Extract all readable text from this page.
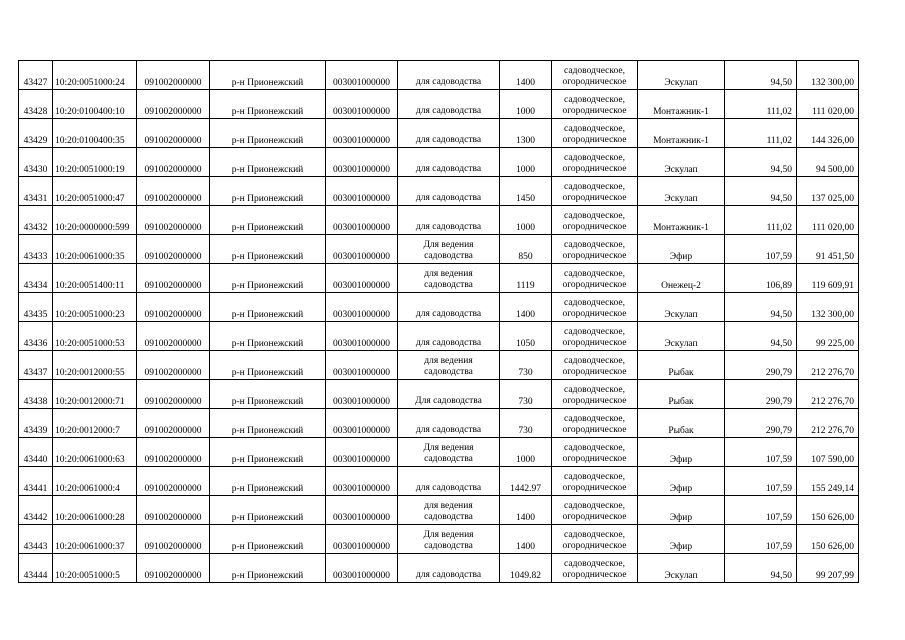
43427	10:20:0051000:24	091002000000	р-н Прионежский	003001000000	для садоводства	1400	садоводческое, огородническое	Эскулап	94,50	132 300,00
43428	10:20:0100400:10	091002000000	р-н Прионежский	003001000000	для садоводства	1000	садоводческое, огородническое	Монтажник-1	111,02	111 020,00
43429	10:20:0100400:35	091002000000	р-н Прионежский	003001000000	для садоводства	1300	садоводческое, огородническое	Монтажник-1	111,02	144 326,00
43430	10:20:0051000:19	091002000000	р-н Прионежский	003001000000	для садоводства	1000	садоводческое, огородническое	Эскулап	94,50	94 500,00
43431	10:20:0051000:47	091002000000	р-н Прионежский	003001000000	для садоводства	1450	садоводческое, огородническое	Эскулап	94,50	137 025,00
43432	10:20:0000000:599	091002000000	р-н Прионежский	003001000000	для садоводства	1000	садоводческое, огородническое	Монтажник-1	111,02	111 020,00
43433	10:20:0061000:35	091002000000	р-н Прионежский	003001000000	Для ведения садоводства	850	садоводческое, огородническое	Эфир	107,59	91 451,50
43434	10:20:0051400:11	091002000000	р-н Прионежский	003001000000	для ведения садоводства	1119	садоводческое, огородническое	Онежец-2	106,89	119 609,91
43435	10:20:0051000:23	091002000000	р-н Прионежский	003001000000	для садоводства	1400	садоводческое, огородническое	Эскулап	94,50	132 300,00
43436	10:20:0051000:53	091002000000	р-н Прионежский	003001000000	для садоводства	1050	садоводческое, огородническое	Эскулап	94,50	99 225,00
43437	10:20:0012000:55	091002000000	р-н Прионежский	003001000000	для ведения садоводства	730	садоводческое, огородническое	Рыбак	290,79	212 276,70
43438	10:20:0012000:71	091002000000	р-н Прионежский	003001000000	Для садоводства	730	садоводческое, огородническое	Рыбак	290,79	212 276,70
43439	10:20:0012000:7	091002000000	р-н Прионежский	003001000000	для садоводства	730	садоводческое, огородническое	Рыбак	290,79	212 276,70
43440	10:20:0061000:63	091002000000	р-н Прионежский	003001000000	Для ведения садоводства	1000	садоводческое, огородническое	Эфир	107,59	107 590,00
43441	10:20:0061000:4	091002000000	р-н Прионежский	003001000000	для садоводства	1442.97	садоводческое, огородническое	Эфир	107,59	155 249,14
43442	10:20:0061000:28	091002000000	р-н Прионежский	003001000000	для ведения садоводства	1400	садоводческое, огородническое	Эфир	107,59	150 626,00
43443	10:20:0061000:37	091002000000	р-н Прионежский	003001000000	Для ведения садоводства	1400	садоводческое, огородническое	Эфир	107,59	150 626,00
43444	10:20:0051000:5	091002000000	р-н Прионежский	003001000000	для садоводства	1049.82	садоводческое, огородническое	Эскулап	94,50	99 207,99
